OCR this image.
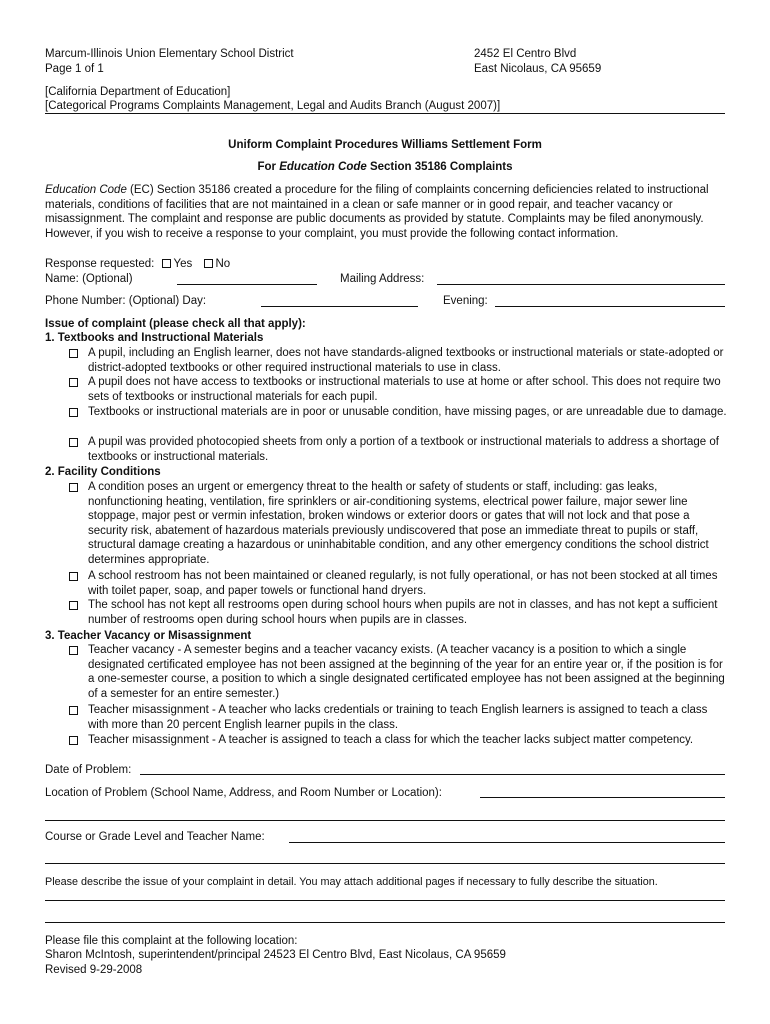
Marcum-Illinois Union Elementary School District
Page 1 of 1
2452 El Centro Blvd
East Nicolaus, CA 95659
[California Department of Education]
[Categorical Programs Complaints Management, Legal and Audits Branch (August 2007)]
Uniform Complaint Procedures Williams Settlement Form
For Education Code Section 35186 Complaints
Education Code (EC) Section 35186 created a procedure for the filing of complaints concerning deficiencies related to instructional materials, conditions of facilities that are not maintained in a clean or safe manner or in good repair, and teacher vacancy or misassignment. The complaint and response are public documents as provided by statute. Complaints may be filed anonymously. However, if you wish to receive a response to your complaint, you must provide the following contact information.
Response requested: Yes No
Name: (Optional)	Mailing Address:
Phone Number: (Optional) Day:	Evening:
Issue of complaint (please check all that apply):
1. Textbooks and Instructional Materials
A pupil, including an English learner, does not have standards-aligned textbooks or instructional materials or state-adopted or district-adopted textbooks or other required instructional materials to use in class.
A pupil does not have access to textbooks or instructional materials to use at home or after school. This does not require two sets of textbooks or instructional materials for each pupil.
Textbooks or instructional materials are in poor or unusable condition, have missing pages, or are unreadable due to damage.
A pupil was provided photocopied sheets from only a portion of a textbook or instructional materials to address a shortage of textbooks or instructional materials.
2. Facility Conditions
A condition poses an urgent or emergency threat to the health or safety of students or staff, including: gas leaks, nonfunctioning heating, ventilation, fire sprinklers or air-conditioning systems, electrical power failure, major sewer line stoppage, major pest or vermin infestation, broken windows or exterior doors or gates that will not lock and that pose a security risk, abatement of hazardous materials previously undiscovered that pose an immediate threat to pupils or staff, structural damage creating a hazardous or uninhabitable condition, and any other emergency conditions the school district determines appropriate.
A school restroom has not been maintained or cleaned regularly, is not fully operational, or has not been stocked at all times with toilet paper, soap, and paper towels or functional hand dryers.
The school has not kept all restrooms open during school hours when pupils are not in classes, and has not kept a sufficient number of restrooms open during school hours when pupils are in classes.
3. Teacher Vacancy or Misassignment
Teacher vacancy - A semester begins and a teacher vacancy exists. (A teacher vacancy is a position to which a single designated certificated employee has not been assigned at the beginning of the year for an entire year or, if the position is for a one-semester course, a position to which a single designated certificated employee has not been assigned at the beginning of a semester for an entire semester.)
Teacher misassignment - A teacher who lacks credentials or training to teach English learners is assigned to teach a class with more than 20 percent English learner pupils in the class.
Teacher misassignment - A teacher is assigned to teach a class for which the teacher lacks subject matter competency.
Date of Problem:
Location of Problem (School Name, Address, and Room Number or Location):
Course or Grade Level and Teacher Name:
Please describe the issue of your complaint in detail. You may attach additional pages if necessary to fully describe the situation.
Please file this complaint at the following location:
Sharon McIntosh, superintendent/principal 24523 El Centro Blvd, East Nicolaus, CA 95659
Revised 9-29-2008
